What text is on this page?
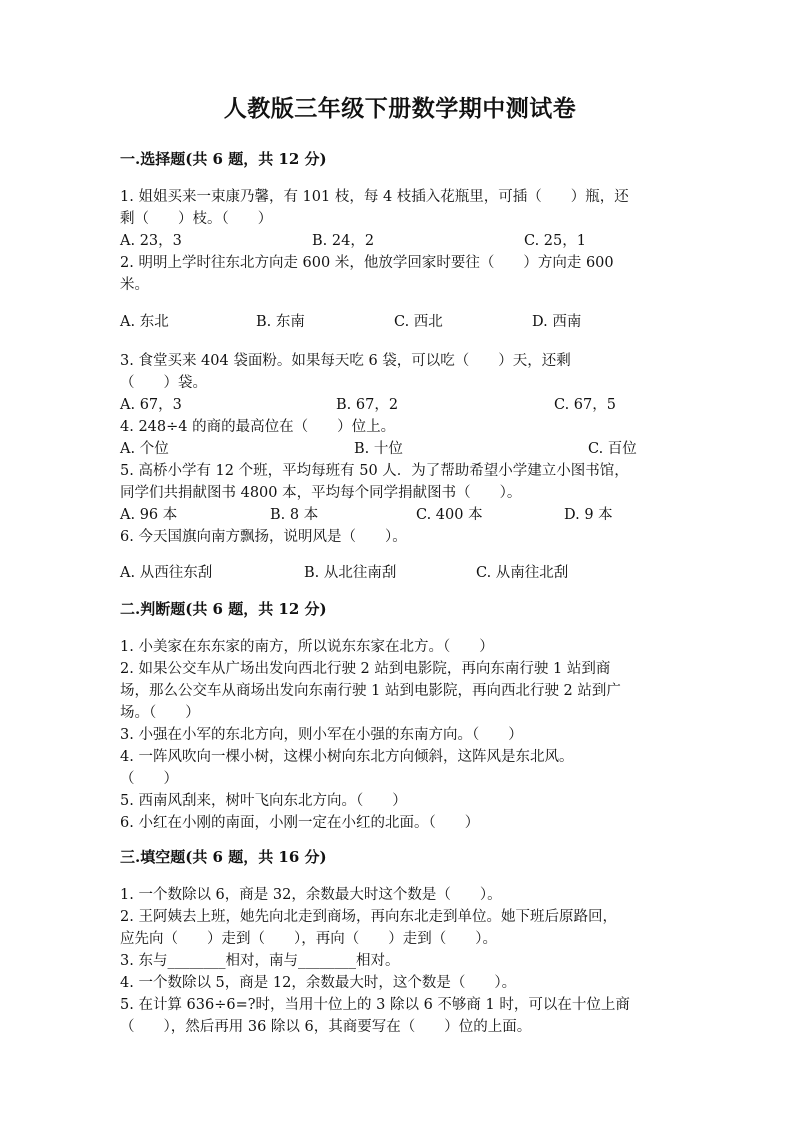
人教版三年级下册数学期中测试卷
一.选择题(共 6 题，共 12 分)
1. 姐姐买来一束康乃馨，有 101 枝，每 4 枝插入花瓶里，可插（　　）瓶，还
剩（　　）枝。（　　）
A. 23，3	B. 24，2	C. 25，1
2. 明明上学时往东北方向走 600 米，他放学回家时要往（　　）方向走 600
米。
A. 东北	B. 东南	C. 西北	D. 西南
3. 食堂买来 404 袋面粉。如果每天吃 6 袋，可以吃（　　）天，还剩
（　　）袋。
A. 67，3	B. 67，2	C. 67，5
4. 248÷4 的商的最高位在（　　）位上。
A. 个位	B. 十位	C. 百位
5. 高桥小学有 12 个班，平均每班有 50 人．为了帮助希望小学建立小图书馆，
同学们共捐献图书 4800 本，平均每个同学捐献图书（　　）。
A. 96 本	B. 8 本	C. 400 本	D. 9 本
6. 今天国旗向南方飘扬，说明风是（　　）。
A. 从西往东刮	B. 从北往南刮	C. 从南往北刮
二.判断题(共 6 题，共 12 分)
1. 小美家在东东家的南方，所以说东东家在北方。（　　）
2. 如果公交车从广场出发向西北行驶 2 站到电影院，再向东南行驶 1 站到商
场，那么公交车从商场出发向东南行驶 1 站到电影院，再向西北行驶 2 站到广
场。（　　）
3. 小强在小军的东北方向，则小军在小强的东南方向。（　　）
4. 一阵风吹向一棵小树，这棵小树向东北方向倾斜，这阵风是东北风。
（　　）
5. 西南风刮来，树叶飞向东北方向。（　　）
6. 小红在小刚的南面，小刚一定在小红的北面。（　　）
三.填空题(共 6 题，共 16 分)
1. 一个数除以 6，商是 32，余数最大时这个数是（　　）。
2. 王阿姨去上班，她先向北走到商场，再向东北走到单位。她下班后原路回，
应先向（　　）走到（　　），再向（　　）走到（　　）。
3. 东与________相对，南与________相对。
4. 一个数除以 5，商是 12，余数最大时，这个数是（　　）。
5. 在计算 636÷6=?时，当用十位上的 3 除以 6 不够商 1 时，可以在十位上商
（　　），然后再用 36 除以 6，其商要写在（　　）位的上面。
